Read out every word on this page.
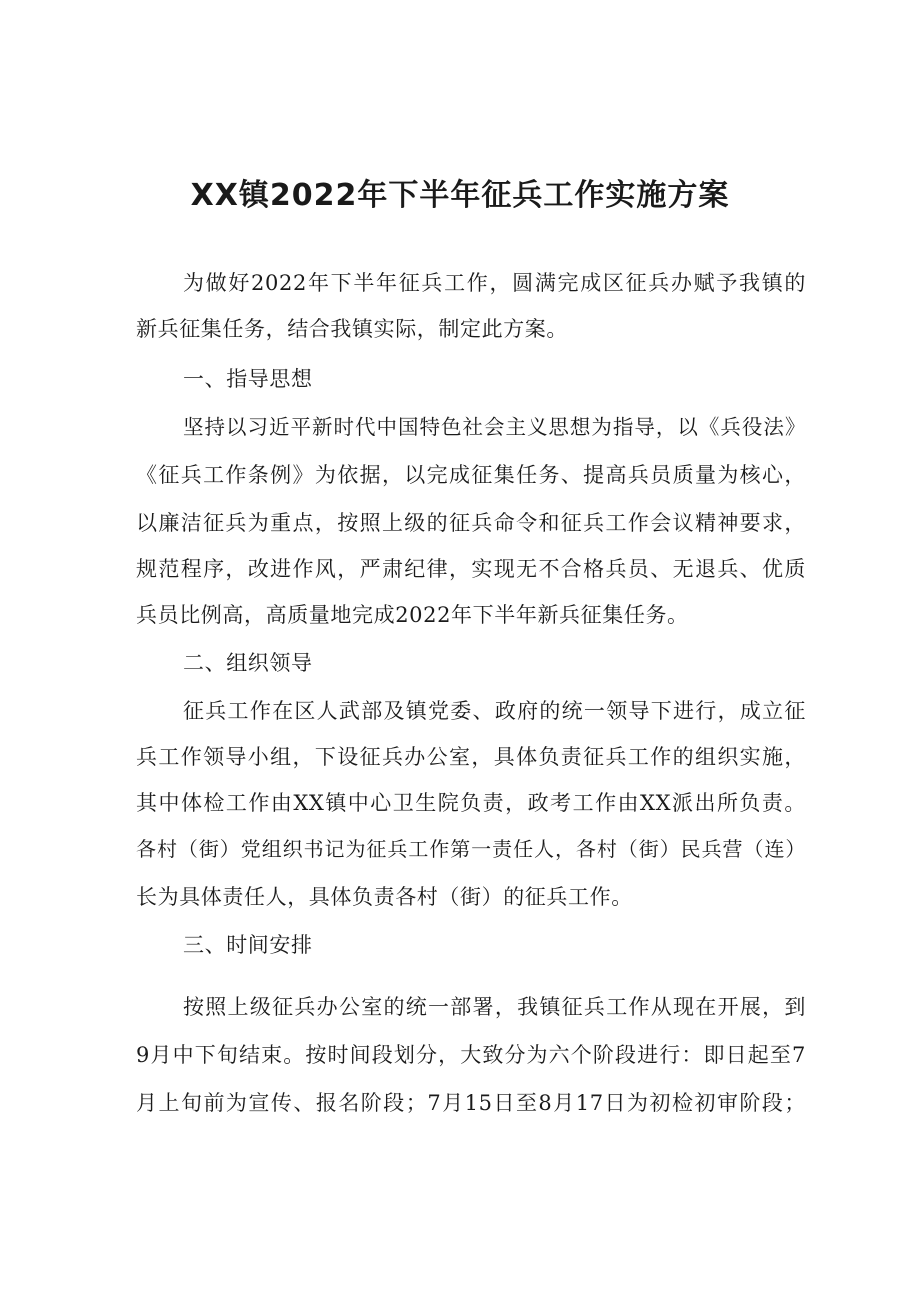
XX镇2022年下半年征兵工作实施方案

为做好2022年下半年征兵工作，圆满完成区征兵办赋予我镇的

新兵征集任务，结合我镇实际，制定此方案。

一、指导思想

坚持以习近平新时代中国特色社会主义思想为指导，以《兵役法》

《征兵工作条例》为依据，以完成征集任务、提高兵员质量为核心，

以廉洁征兵为重点，按照上级的征兵命令和征兵工作会议精神要求，

规范程序，改进作风，严肃纪律，实现无不合格兵员、无退兵、优质

兵员比例高，高质量地完成2022年下半年新兵征集任务。

二、组织领导

征兵工作在区人武部及镇党委、政府的统一领导下进行，成立征

兵工作领导小组，下设征兵办公室，具体负责征兵工作的组织实施，

其中体检工作由XX镇中心卫生院负责，政考工作由XX派出所负责。

各村（街）党组织书记为征兵工作第一责任人，各村（街）民兵营（连）

长为具体责任人，具体负责各村（街）的征兵工作。

三、时间安排

按照上级征兵办公室的统一部署，我镇征兵工作从现在开展，到

9月中下旬结束。按时间段划分，大致分为六个阶段进行：即日起至7

月上旬前为宣传、报名阶段；7月15日至8月17日为初检初审阶段；
